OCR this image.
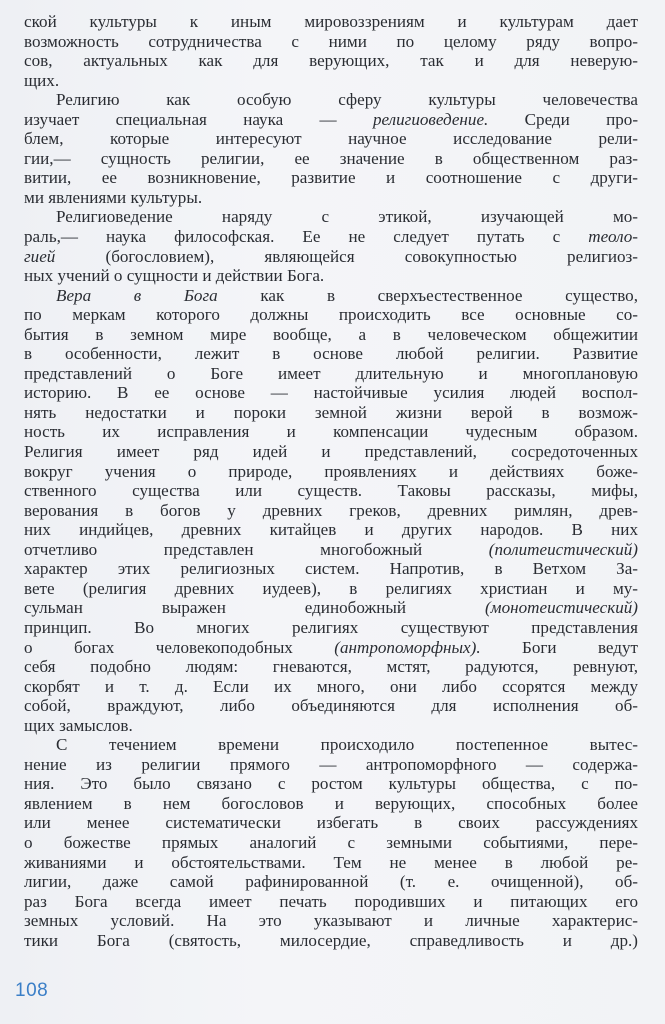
ской культуры к иным мировоззрениям и культурам дает
возможность сотрудничества с ними по целому ряду вопро-
сов, актуальных как для верующих, так и для неверую-
щих.
Религию как особую сферу культуры человечества
изучает специальная наука — религиоведение. Среди про-
блем, которые интересуют научное исследование рели-
гии,— сущность религии, ее значение в общественном раз-
витии, ее возникновение, развитие и соотношение с други-
ми явлениями культуры.
Религиоведение наряду с этикой, изучающей мо-
раль,— наука философская. Ее не следует путать с теоло-
гией (богословием), являющейся совокупностью религиоз-
ных учений о сущности и действии Бога.
Вера в Бога как в сверхъестественное существо,
по меркам которого должны происходить все основные со-
бытия в земном мире вообще, а в человеческом общежитии
в особенности, лежит в основе любой религии. Развитие
представлений о Боге имеет длительную и многоплановую
историю. В ее основе — настойчивые усилия людей воспол-
нять недостатки и пороки земной жизни верой в возмож-
ность их исправления и компенсации чудесным образом.
Религия имеет ряд идей и представлений, сосредоточенных
вокруг учения о природе, проявлениях и действиях боже-
ственного существа или существ. Таковы рассказы, мифы,
верования в богов у древних греков, древних римлян, древ-
них индийцев, древних китайцев и других народов. В них
отчетливо представлен многобожный (политеистический)
характер этих религиозных систем. Напротив, в Ветхом За-
вете (религия древних иудеев), в религиях христиан и му-
сульман выражен единобожный (монотеистический)
принцип. Во многих религиях существуют представления
о богах человекоподобных (антропоморфных). Боги ведут
себя подобно людям: гневаются, мстят, радуются, ревнуют,
скорбят и т. д. Если их много, они либо ссорятся между
собой, враждуют, либо объединяются для исполнения об-
щих замыслов.
С течением времени происходило постепенное вытес-
нение из религии прямого — антропоморфного — содержа-
ния. Это было связано с ростом культуры общества, с по-
явлением в нем богословов и верующих, способных более
или менее систематически избегать в своих рассуждениях
о божестве прямых аналогий с земными событиями, пере-
живаниями и обстоятельствами. Тем не менее в любой ре-
лигии, даже самой рафинированной (т. е. очищенной), об-
раз Бога всегда имеет печать породивших и питающих его
земных условий. На это указывают и личные характерис-
тики Бога (святость, милосердие, справедливость и др.)
108
